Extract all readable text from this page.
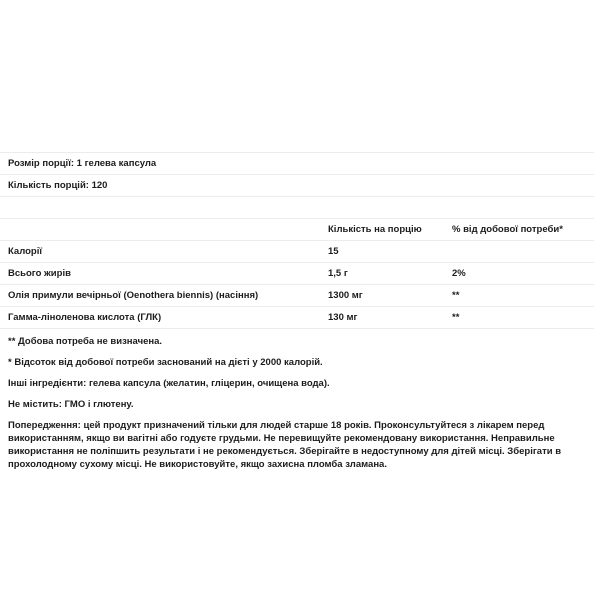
Розмір порції: 1 гелева капсула		
Кількість порцій: 120		

	Кількість на порцію	% від добової потреби*
Калорії	15	
Всього жирів	1,5 г	2%
Олія примули вечірньої (Oenothera biennis) (насіння)	1300 мг	**
Гамма-ліноленова кислота (ГЛК)	130 мг	**

** Добова потреба не визначена.

* Відсоток від добової потреби заснований на дієті у 2000 калорій.

Інші інгредієнти: гелева капсула (желатин, гліцерин, очищена вода).

Не містить: ГМО і глютену.

Попередження: цей продукт призначений тільки для людей старше 18 років. Проконсультуйтеся з лікарем перед використанням, якщо ви вагітні або годуєте грудьми. Не перевищуйте рекомендовану використання. Неправильне використання не поліпшить результати і не рекомендується. Зберігайте в недоступному для дітей місці. Зберігати в прохолодному сухому місці. Не використовуйте, якщо захисна пломба зламана.
